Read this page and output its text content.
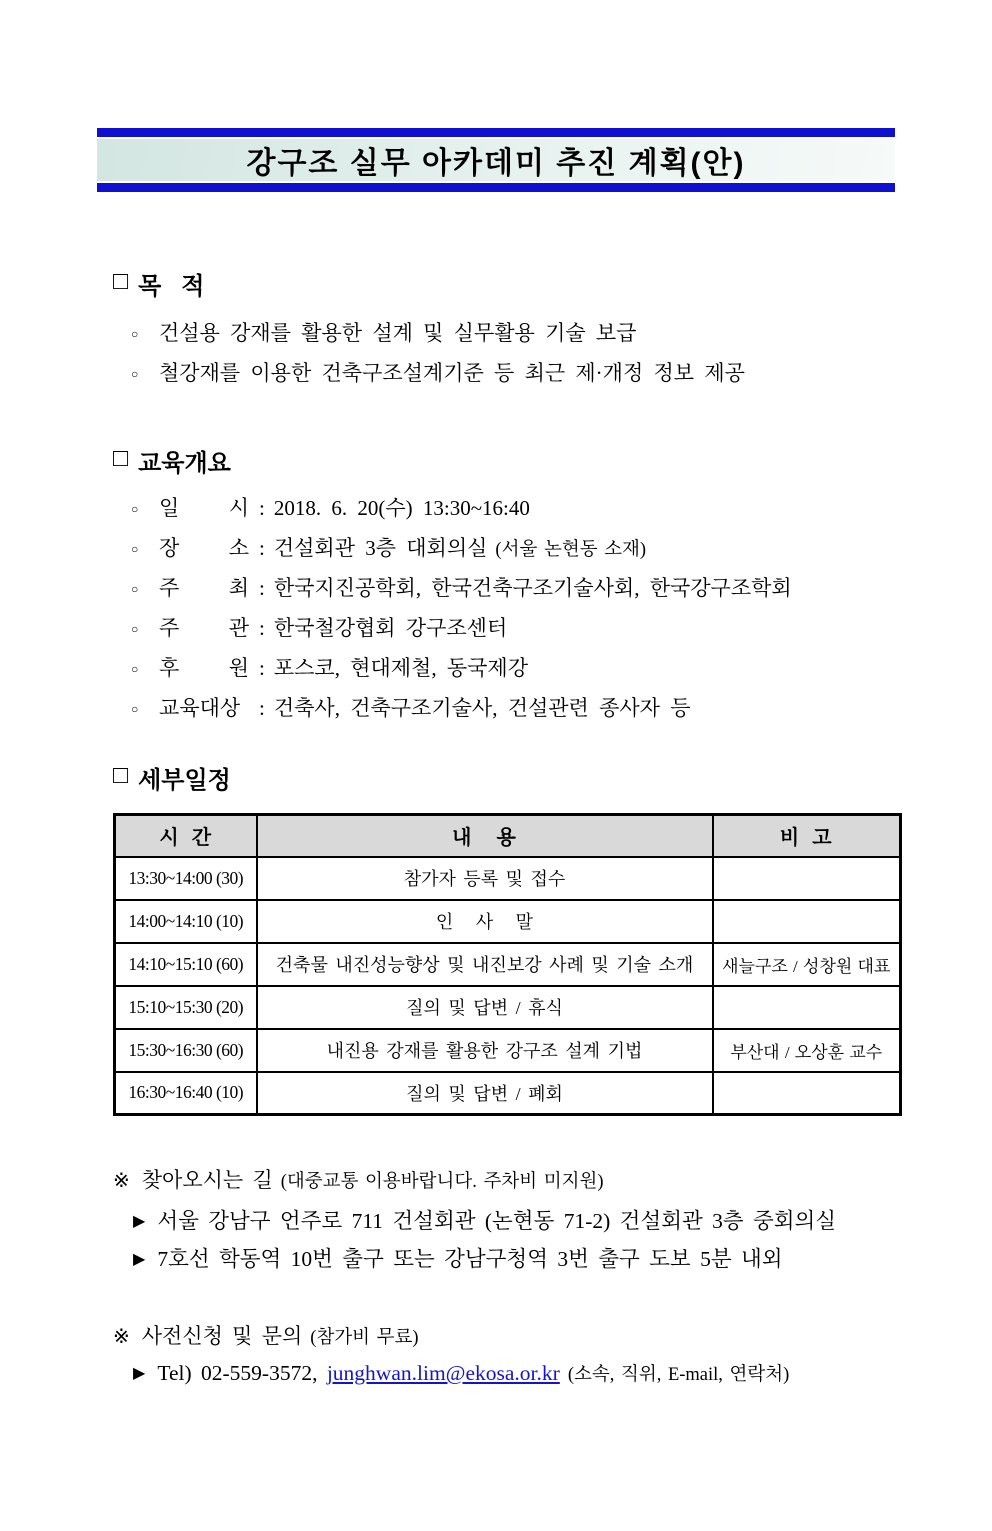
강구조 실무 아카데미 추진 계획(안)
□ 목   적
○ 건설용 강재를 활용한 설계 및 실무활용 기술 보급
○ 철강재를 이용한 건축구조설계기준 등 최근 제·개정 정보 제공
□ 교육개요
○ 일 시 : 2018. 6. 20(수) 13:30~16:40
○ 장 소 : 건설회관 3층 대회의실 (서울 논현동 소재)
○ 주 최 : 한국지진공학회, 한국건축구조기술사회, 한국강구조학회
○ 주 관 : 한국철강협회 강구조센터
○ 후 원 : 포스코, 현대제철, 동국제강
○ 교육대상 : 건축사, 건축구조기술사, 건설관련 종사자 등
□ 세부일정
시  간	내    용	비  고
13:30~14:00 (30)	참가자 등록 및 접수	
14:00~14:10 (10)	인   사   말	
14:10~15:10 (60)	건축물 내진성능향상 및 내진보강 사례 및 기술 소개	새늘구조 / 성창원 대표
15:10~15:30 (20)	질의 및 답변 / 휴식	
15:30~16:30 (60)	내진용 강재를 활용한 강구조 설계 기법	부산대 / 오상훈 교수
16:30~16:40 (10)	질의 및 답변 / 폐회	
※ 찾아오시는 길 (대중교통 이용바랍니다. 주차비 미지원)
▶ 서울 강남구 언주로 711 건설회관 (논현동 71-2) 건설회관 3층 중회의실
▶ 7호선 학동역 10번 출구 또는 강남구청역 3번 출구 도보 5분 내외
※ 사전신청 및 문의 (참가비 무료)
▶ Tel) 02-559-3572,
junghwan.lim@ekosa.or.kr (소속, 직위, E-mail, 연락처)
